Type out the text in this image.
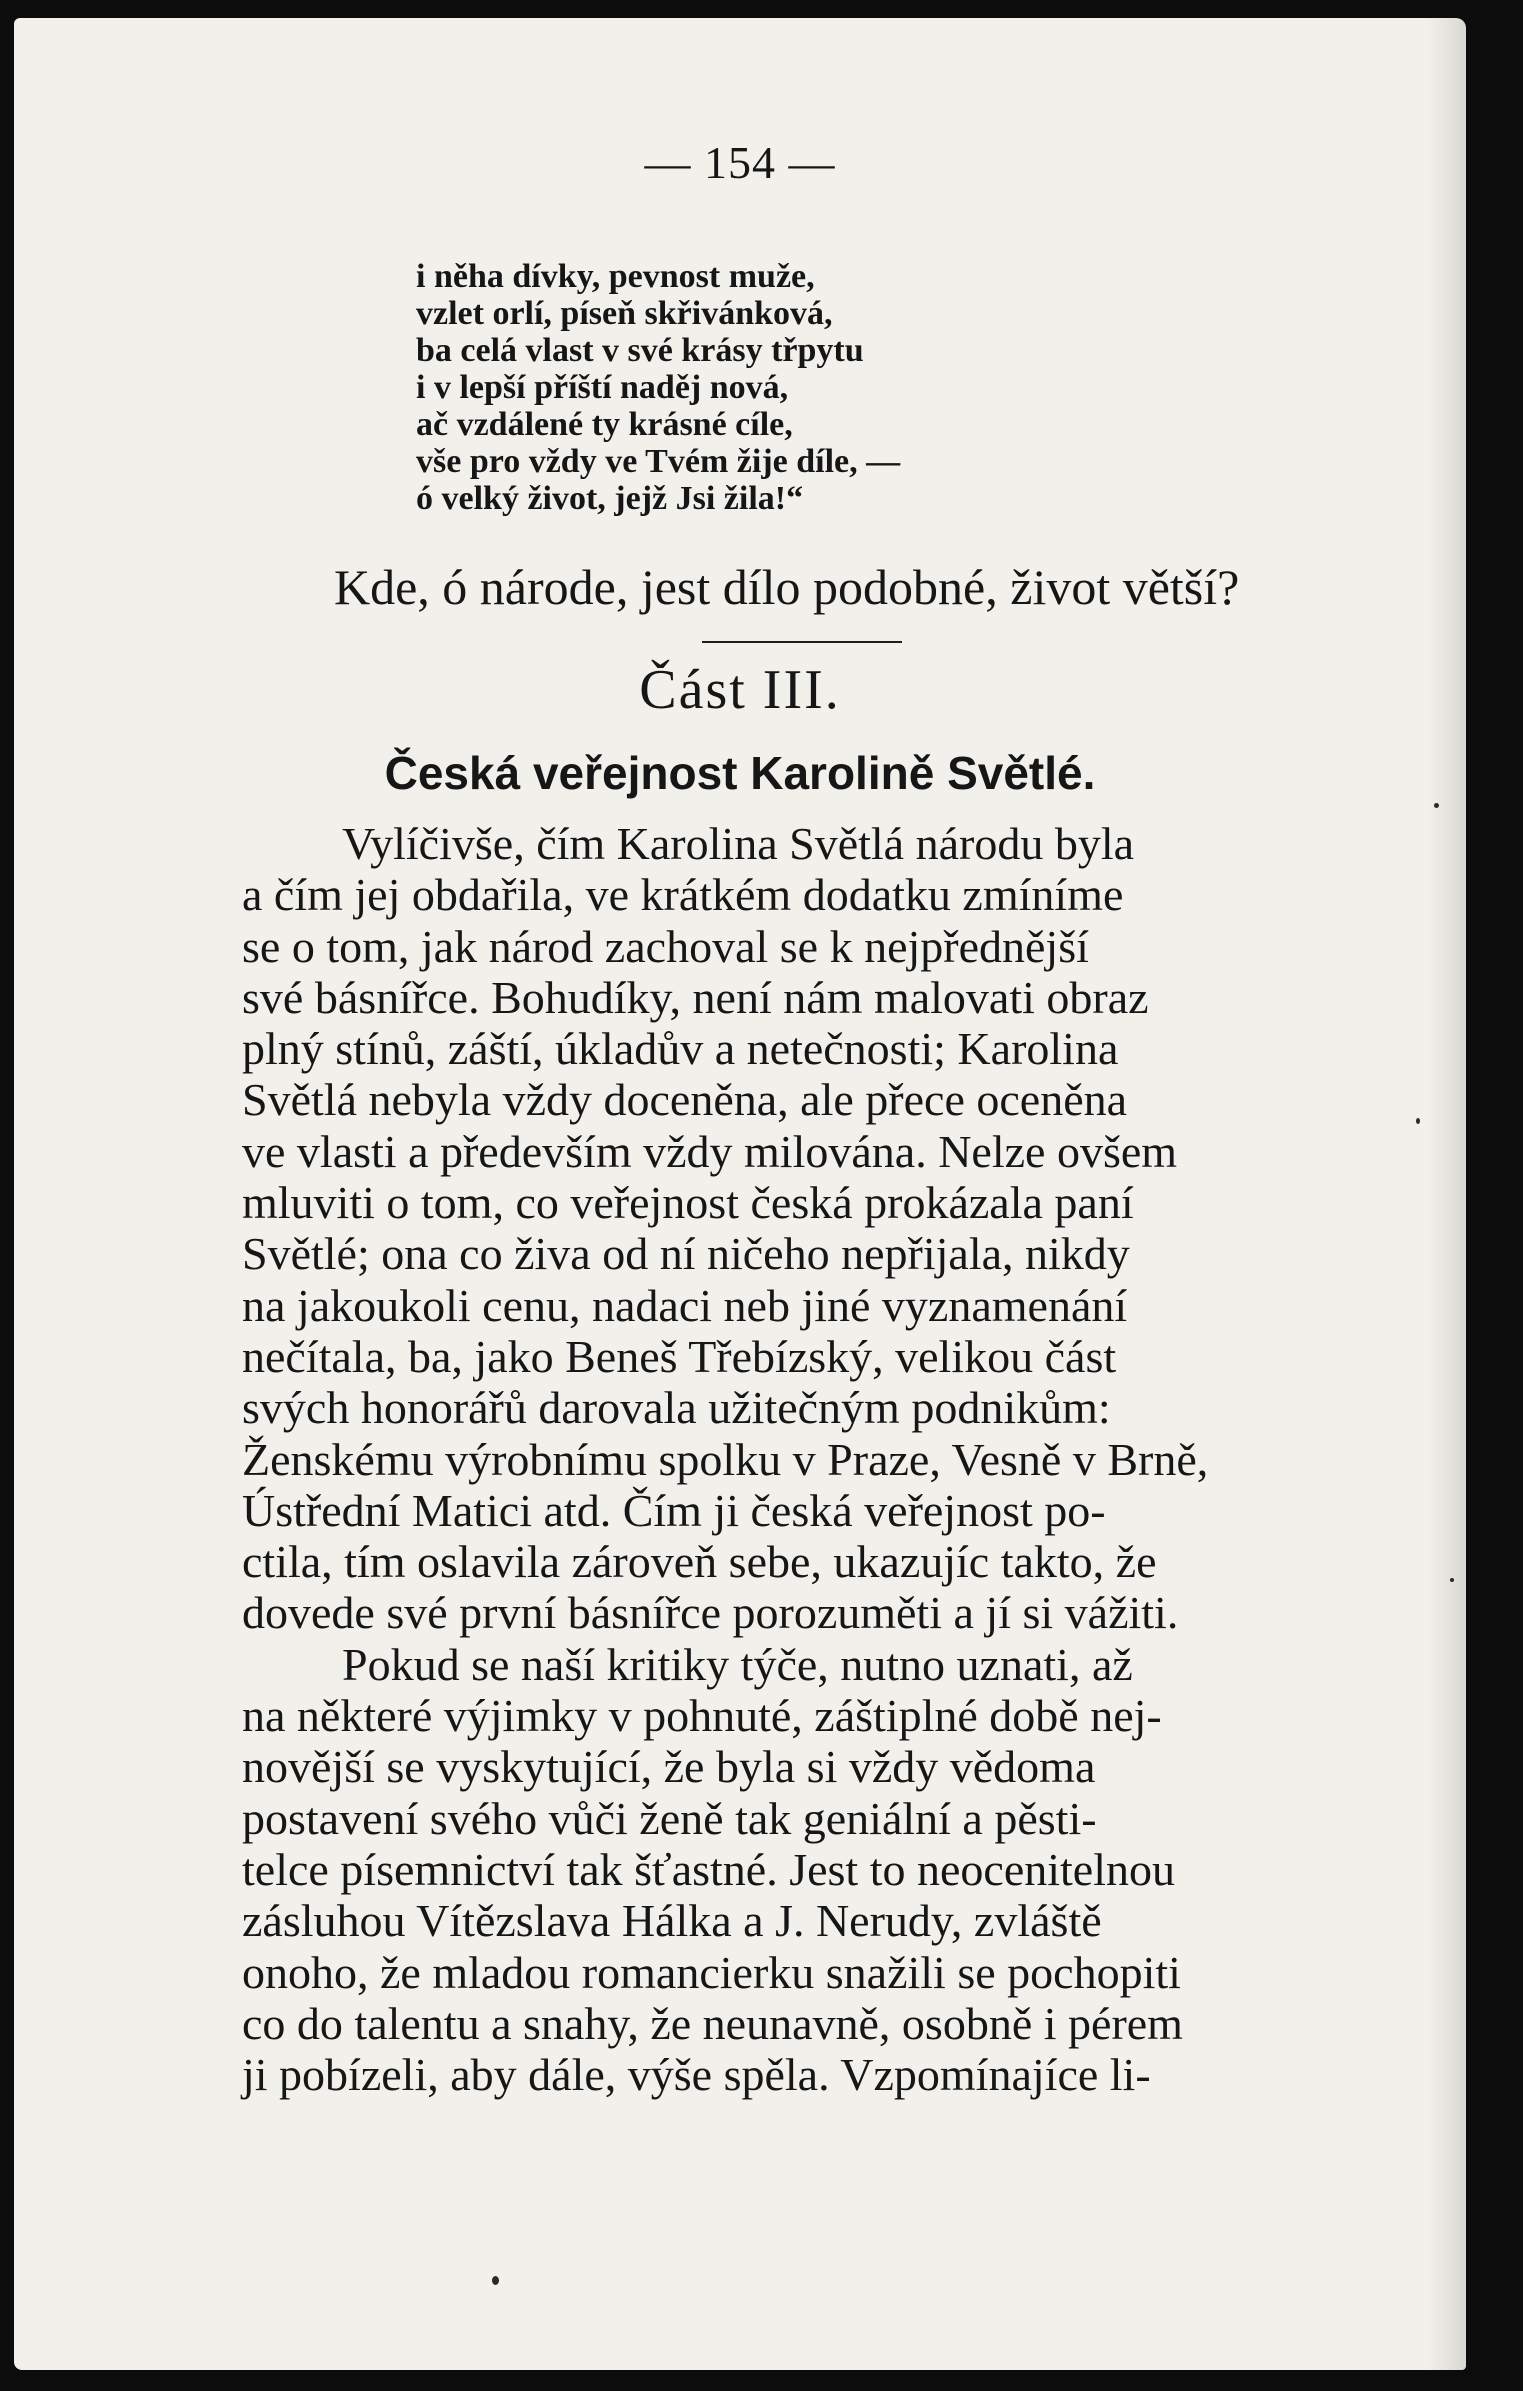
— 154 —
i něha dívky, pevnost muže,
vzlet orlí, píseň skřivánková,
ba celá vlast v své krásy třpytu
i v lepší příští naděj nová,
ač vzdálené ty krásné cíle,
vše pro vždy ve Tvém žije díle, —
ó velký život, jejž Jsi žila!“
Kde, ó národe, jest dílo podobné, život větší?
Část III.
Česká veřejnost Karolině Světlé.
Vylíčivše, čím Karolina Světlá národu byla
a čím jej obdařila, ve krátkém dodatku zmíníme
se o tom, jak národ zachoval se k nejpřednější
své básnířce. Bohudíky, není nám malovati obraz
plný stínů, záští, úkladův a netečnosti; Karolina
Světlá nebyla vždy doceněna, ale přece oceněna
ve vlasti a především vždy milována. Nelze ovšem
mluviti o tom, co veřejnost česká prokázala paní
Světlé; ona co živa od ní ničeho nepřijala, nikdy
na jakoukoli cenu, nadaci neb jiné vyznamenání
nečítala, ba, jako Beneš Třebízský, velikou část
svých honorářů darovala užitečným podnikům:
Ženskému výrobnímu spolku v Praze, Vesně v Brně,
Ústřední Matici atd. Čím ji česká veřejnost po-
ctila, tím oslavila zároveň sebe, ukazujíc takto, že
dovede své první básnířce porozuměti a jí si vážiti.
Pokud se naší kritiky týče, nutno uznati, až
na některé výjimky v pohnuté, záštiplné době nej-
novější se vyskytující, že byla si vždy vědoma
postavení svého vůči ženě tak geniální a pěsti-
telce písemnictví tak šťastné. Jest to neocenitelnou
zásluhou Vítězslava Hálka a J. Nerudy, zvláště
onoho, že mladou romancierku snažili se pochopiti
co do talentu a snahy, že neunavně, osobně i pérem
ji pobízeli, aby dále, výše spěla. Vzpomínajíce li-
